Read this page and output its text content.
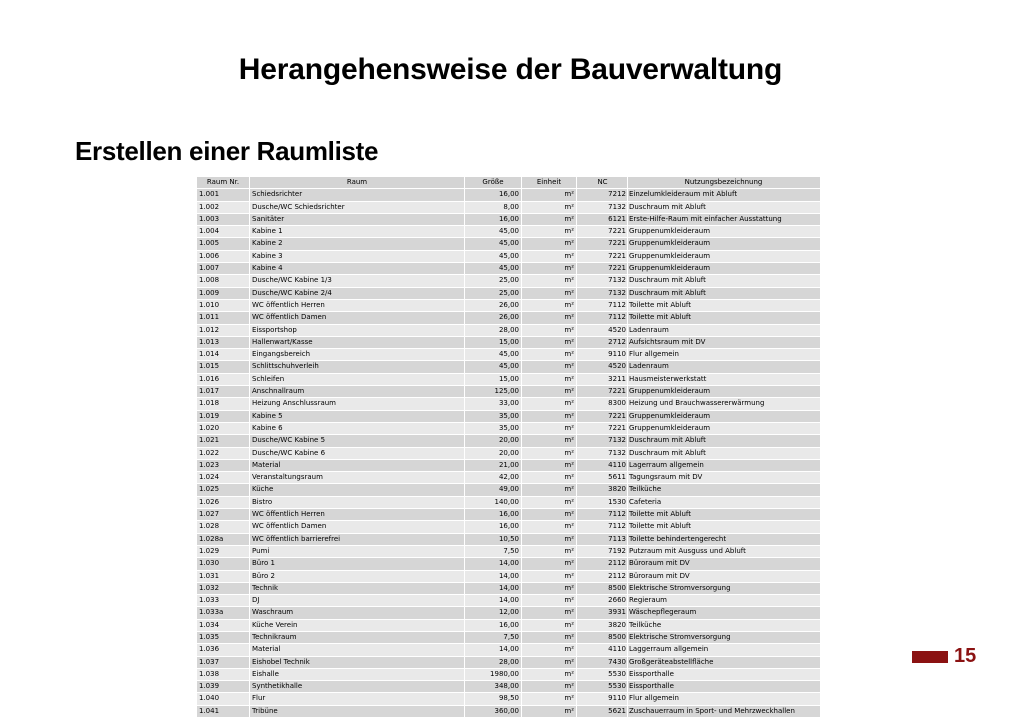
Herangehensweise der Bauverwaltung
Erstellen einer Raumliste
Raum Nr.	Raum	Größe	Einheit	NC	Nutzungsbezeichnung
1.001	Schiedsrichter	16,00	m²	7212	Einzelumkleideraum mit Abluft
1.002	Dusche/WC Schiedsrichter	8,00	m²	7132	Duschraum mit Abluft
1.003	Sanitäter	16,00	m²	6121	Erste-Hilfe-Raum mit einfacher Ausstattung
1.004	Kabine 1	45,00	m²	7221	Gruppenumkleideraum
1.005	Kabine 2	45,00	m²	7221	Gruppenumkleideraum
1.006	Kabine 3	45,00	m²	7221	Gruppenumkleideraum
1.007	Kabine 4	45,00	m²	7221	Gruppenumkleideraum
1.008	Dusche/WC Kabine 1/3	25,00	m²	7132	Duschraum mit Abluft
1.009	Dusche/WC Kabine 2/4	25,00	m²	7132	Duschraum mit Abluft
1.010	WC öffentlich Herren	26,00	m²	7112	Toilette mit Abluft
1.011	WC öffentlich Damen	26,00	m²	7112	Toilette mit Abluft
1.012	Eissportshop	28,00	m²	4520	Ladenraum
1.013	Hallenwart/Kasse	15,00	m²	2712	Aufsichtsraum mit DV
1.014	Eingangsbereich	45,00	m²	9110	Flur allgemein
1.015	Schlittschuhverleih	45,00	m²	4520	Ladenraum
1.016	Schleifen	15,00	m²	3211	Hausmeisterwerkstatt
1.017	Anschnallraum	125,00	m²	7221	Gruppenumkleideraum
1.018	Heizung Anschlussraum	33,00	m²	8300	Heizung und Brauchwassererwärmung
1.019	Kabine 5	35,00	m²	7221	Gruppenumkleideraum
1.020	Kabine 6	35,00	m²	7221	Gruppenumkleideraum
1.021	Dusche/WC Kabine 5	20,00	m²	7132	Duschraum mit Abluft
1.022	Dusche/WC Kabine 6	20,00	m²	7132	Duschraum mit Abluft
1.023	Material	21,00	m²	4110	Lagerraum allgemein
1.024	Veranstaltungsraum	42,00	m²	5611	Tagungsraum mit DV
1.025	Küche	49,00	m²	3820	Teilküche
1.026	Bistro	140,00	m²	1530	Cafeteria
1.027	WC öffentlich Herren	16,00	m²	7112	Toilette mit Abluft
1.028	WC öffentlich Damen	16,00	m²	7112	Toilette mit Abluft
1.028a	WC öffentlich barrierefrei	10,50	m²	7113	Toilette behindertengerecht
1.029	Pumi	7,50	m²	7192	Putzraum mit Ausguss und Abluft
1.030	Büro 1	14,00	m²	2112	Büroraum mit DV
1.031	Büro 2	14,00	m²	2112	Büroraum mit DV
1.032	Technik	14,00	m²	8500	Elektrische Stromversorgung
1.033	DJ	14,00	m²	2660	Regieraum
1.033a	Waschraum	12,00	m²	3931	Wäschepflegeraum
1.034	Küche Verein	16,00	m²	3820	Teilküche
1.035	Technikraum	7,50	m²	8500	Elektrische Stromversorgung
1.036	Material	14,00	m²	4110	Laggerraum allgemein
1.037	Eishobel Technik	28,00	m²	7430	Großgeräteabstellfläche
1.038	Eishalle	1980,00	m²	5530	Eissporthalle
1.039	Synthetikhalle	348,00	m²	5530	Eissporthalle
1.040	Flur	98,50	m²	9110	Flur allgemein
1.041	Tribüne	360,00	m²	5621	Zuschauerraum in Sport- und Mehrzweckhallen
15
